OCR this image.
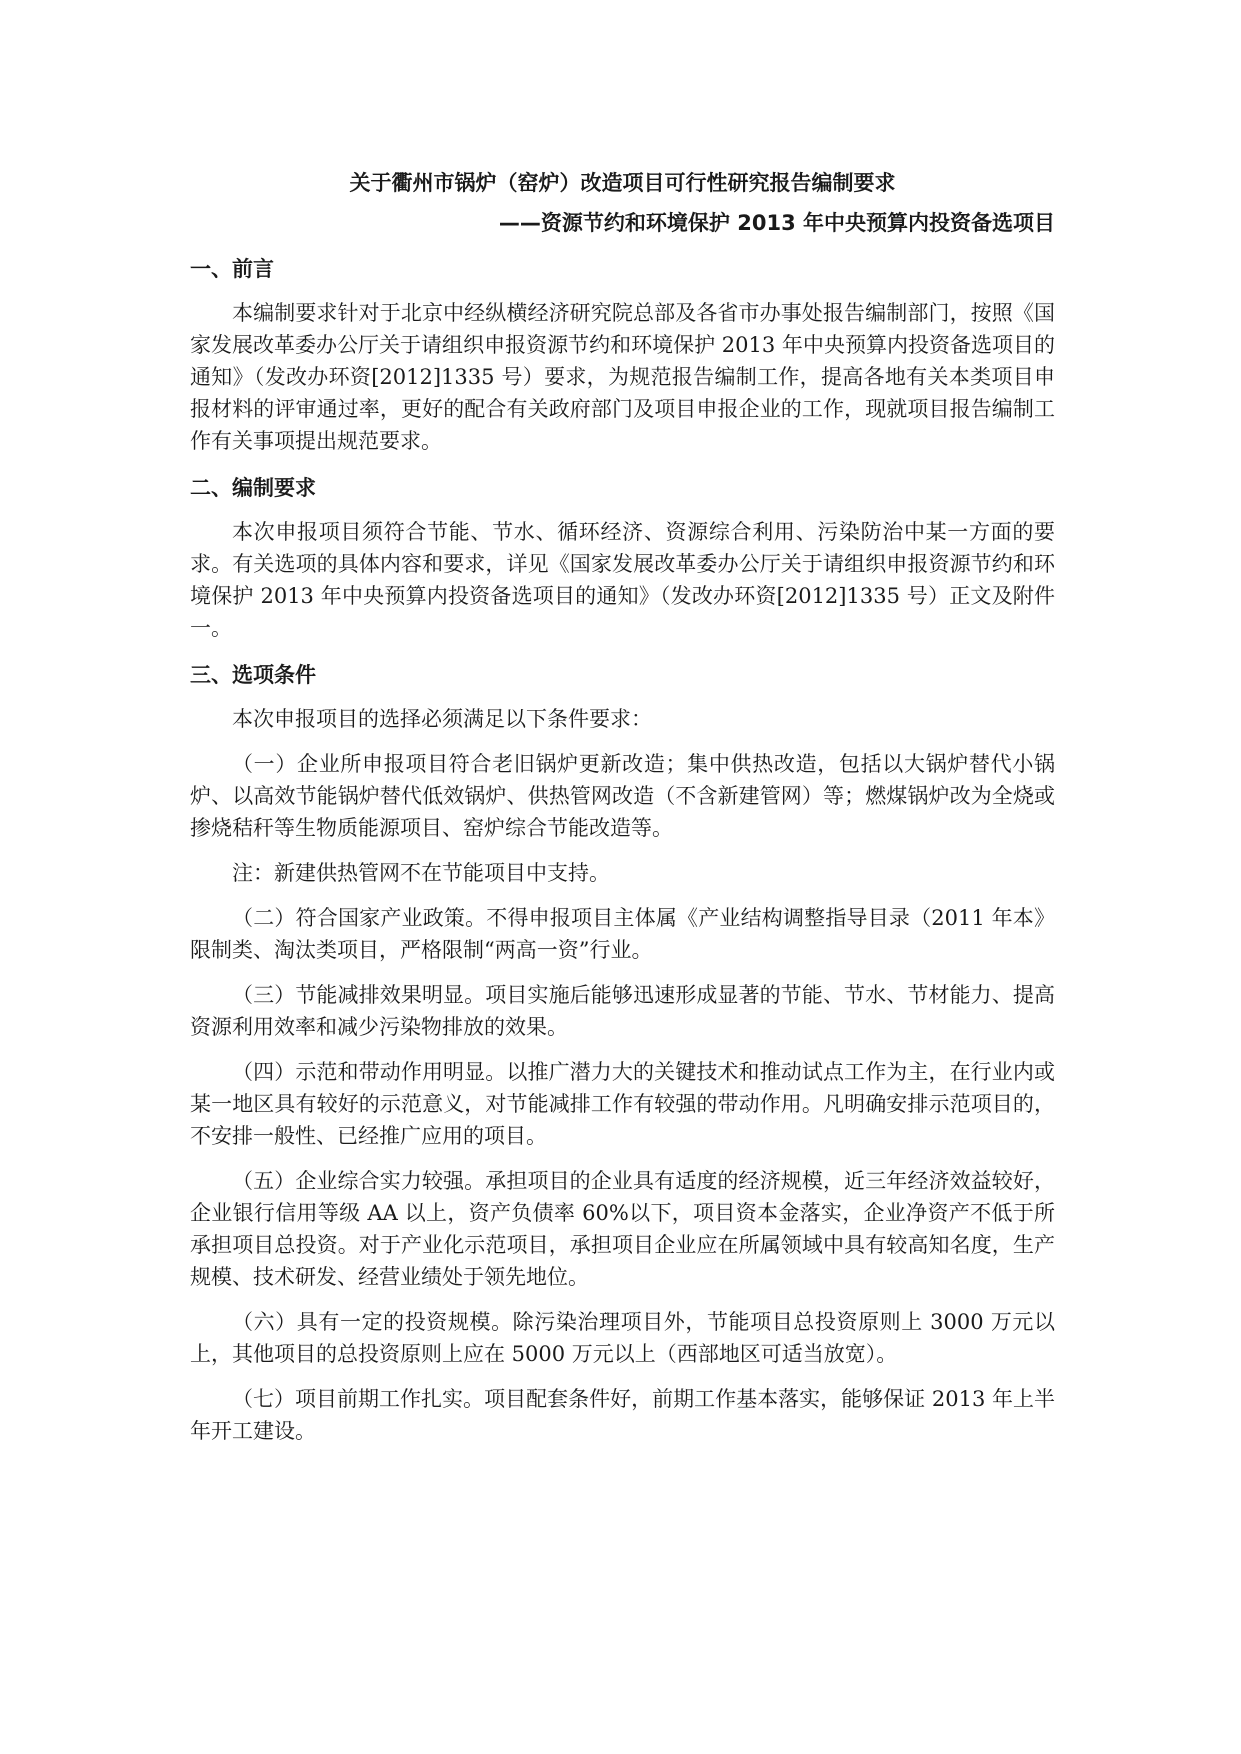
关于衢州市锅炉（窑炉）改造项目可行性研究报告编制要求
——资源节约和环境保护 2013 年中央预算内投资备选项目
一、前言

本编制要求针对于北京中经纵横经济研究院总部及各省市办事处报告编制部门，按照《国家发展改革委办公厅关于请组织申报资源节约和环境保护 2013 年中央预算内投资备选项目的通知》（发改办环资[2012]1335 号）要求，为规范报告编制工作，提高各地有关本类项目申报材料的评审通过率，更好的配合有关政府部门及项目申报企业的工作，现就项目报告编制工作有关事项提出规范要求。

二、编制要求

本次申报项目须符合节能、节水、循环经济、资源综合利用、污染防治中某一方面的要求。有关选项的具体内容和要求，详见《国家发展改革委办公厅关于请组织申报资源节约和环境保护 2013 年中央预算内投资备选项目的通知》（发改办环资[2012]1335 号）正文及附件一。

三、选项条件

本次申报项目的选择必须满足以下条件要求：

（一）企业所申报项目符合老旧锅炉更新改造；集中供热改造，包括以大锅炉替代小锅炉、以高效节能锅炉替代低效锅炉、供热管网改造（不含新建管网）等；燃煤锅炉改为全烧或掺烧秸秆等生物质能源项目、窑炉综合节能改造等。

注：新建供热管网不在节能项目中支持。

（二）符合国家产业政策。不得申报项目主体属《产业结构调整指导目录（2011 年本》限制类、淘汰类项目，严格限制“两高一资”行业。

（三）节能减排效果明显。项目实施后能够迅速形成显著的节能、节水、节材能力、提高资源利用效率和减少污染物排放的效果。

（四）示范和带动作用明显。以推广潜力大的关键技术和推动试点工作为主，在行业内或某一地区具有较好的示范意义，对节能减排工作有较强的带动作用。凡明确安排示范项目的，不安排一般性、已经推广应用的项目。

（五）企业综合实力较强。承担项目的企业具有适度的经济规模，近三年经济效益较好，企业银行信用等级 AA 以上，资产负债率 60%以下，项目资本金落实，企业净资产不低于所承担项目总投资。对于产业化示范项目，承担项目企业应在所属领域中具有较高知名度，生产规模、技术研发、经营业绩处于领先地位。

（六）具有一定的投资规模。除污染治理项目外，节能项目总投资原则上 3000 万元以上，其他项目的总投资原则上应在 5000 万元以上（西部地区可适当放宽）。

（七）项目前期工作扎实。项目配套条件好，前期工作基本落实，能够保证 2013 年上半年开工建设。
